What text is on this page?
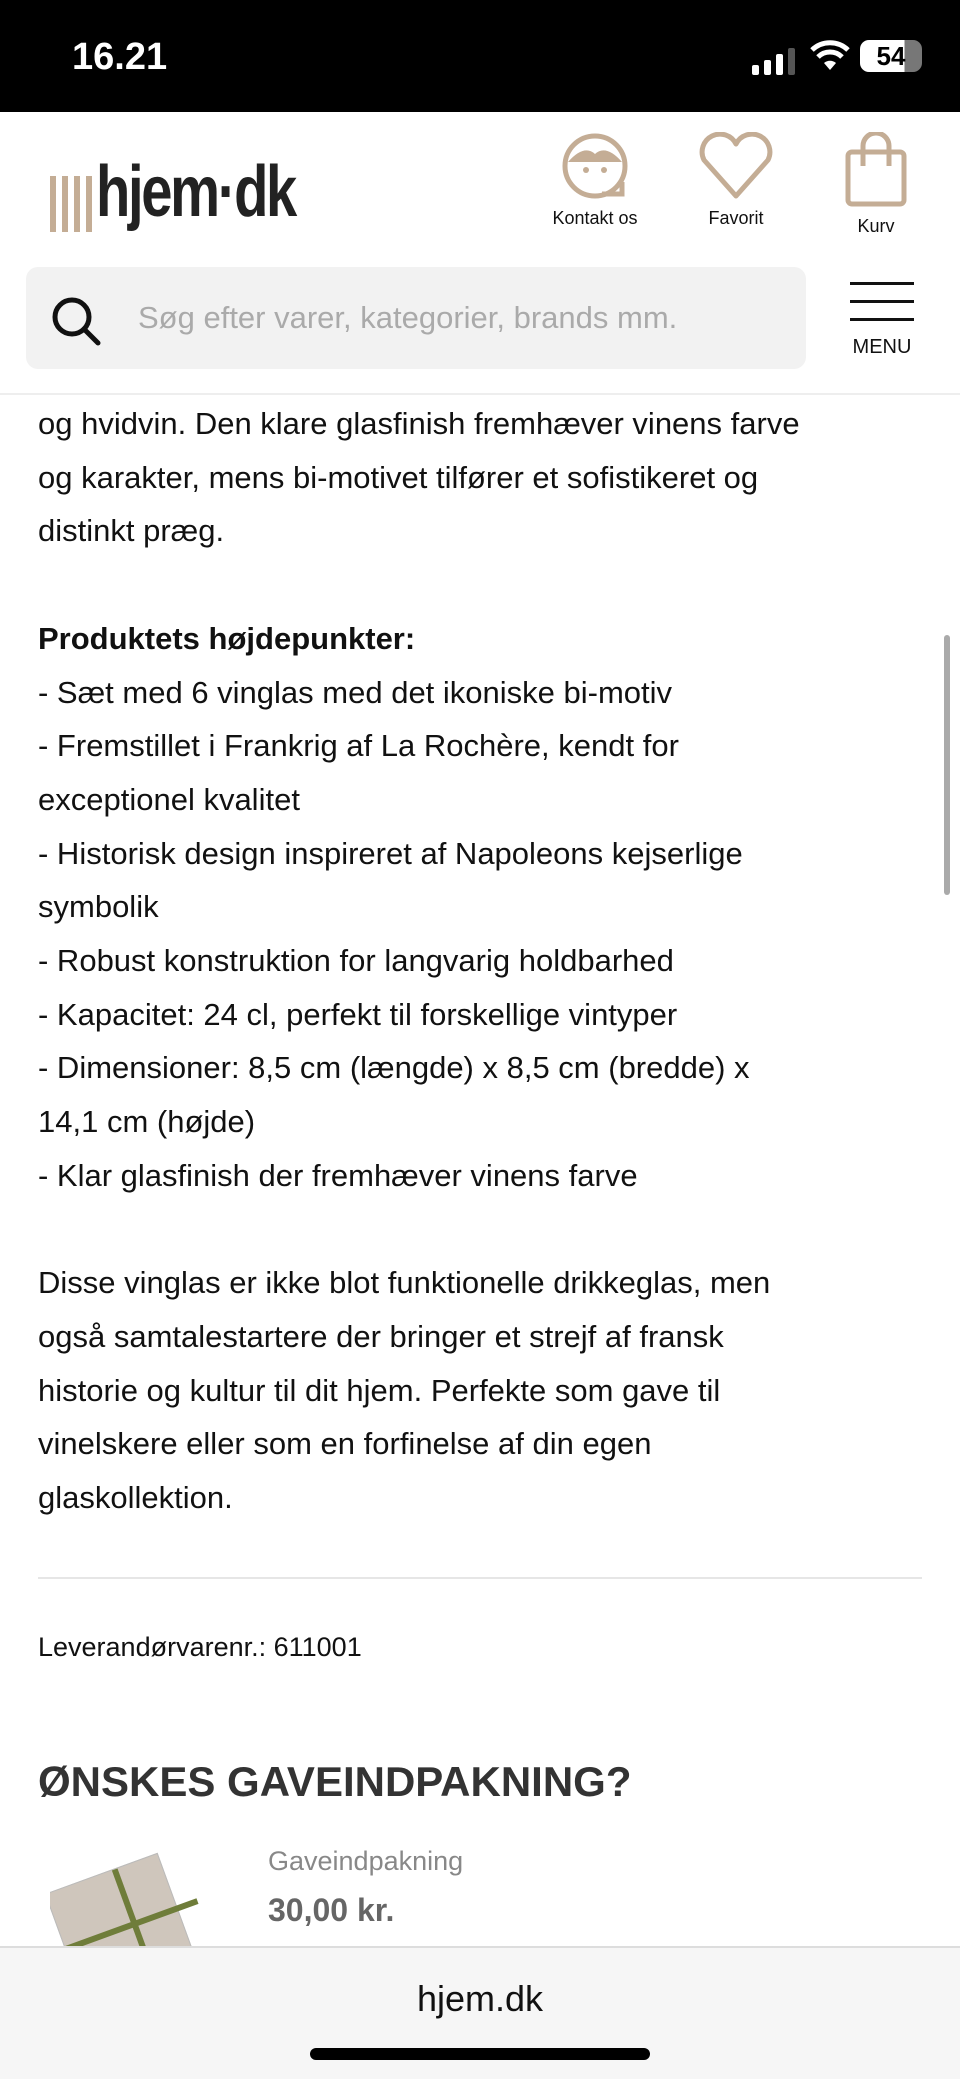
16.21	54
hjem·dk	Kontakt os	Favorit	Kurv
Søg efter varer, kategorier, brands mm.
MENU

og hvidvin. Den klare glasfinish fremhæver vinens farve

og karakter, mens bi-motivet tilfører et sofistikeret og

distinkt præg.

Produktets højdepunkter:

- Sæt med 6 vinglas med det ikoniske bi-motiv

- Fremstillet i Frankrig af La Rochère, kendt for

exceptionel kvalitet

- Historisk design inspireret af Napoleons kejserlige

symbolik

- Robust konstruktion for langvarig holdbarhed

- Kapacitet: 24 cl, perfekt til forskellige vintyper

- Dimensioner: 8,5 cm (længde) x 8,5 cm (bredde) x

14,1 cm (højde)

- Klar glasfinish der fremhæver vinens farve

Disse vinglas er ikke blot funktionelle drikkeglas, men

også samtalestartere der bringer et strejf af fransk

historie og kultur til dit hjem. Perfekte som gave til

vinelskere eller som en forfinelse af din egen

glaskollektion.

Leverandørvarenr.: 611001
ØNSKES GAVEINDPAKNING?
Gaveindpakning
30,00 kr.
hjem.dk
